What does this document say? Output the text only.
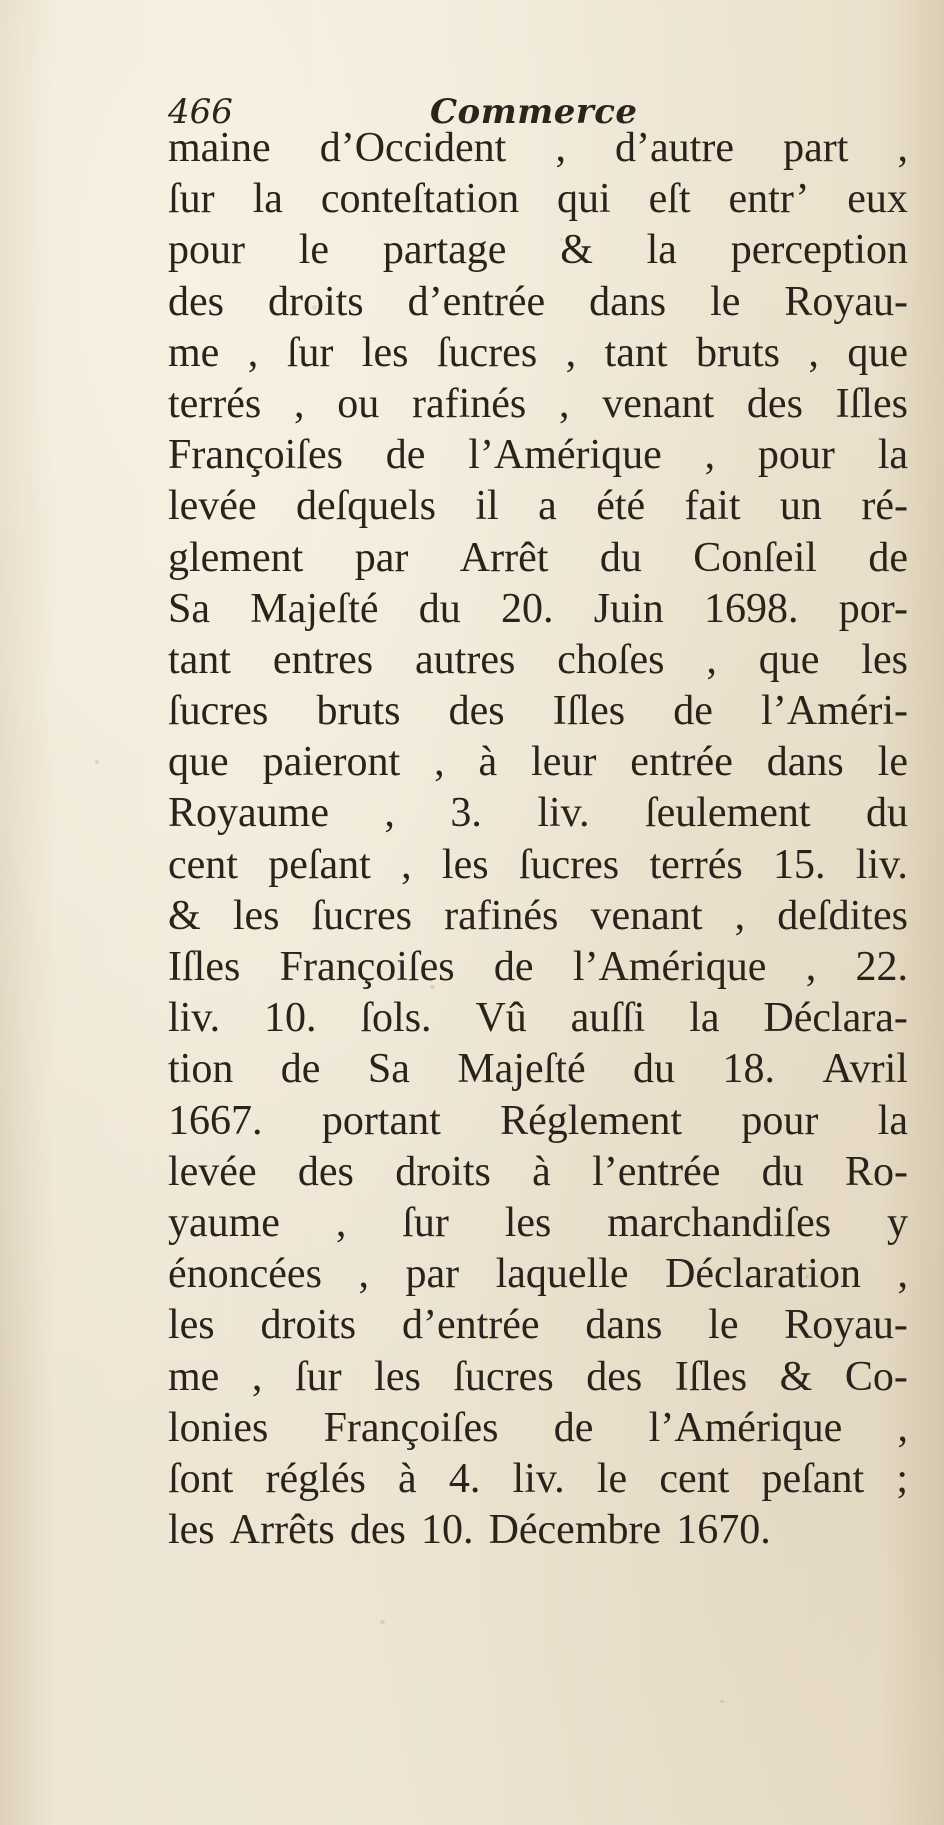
466	Commerce
maine d’Occident , d’autre part ,
ſur la conteſtation qui eſt entr’ eux
pour le partage & la perception
des droits d’entrée dans le Royau-
me , ſur les ſucres , tant bruts , que
terrés , ou rafinés , venant des Iſles
Françoiſes de l’Amérique , pour la
levée deſquels il a été fait un ré-
glement par Arrêt du Conſeil de
Sa Majeſté du 20. Juin 1698. por-
tant entres autres choſes , que les
ſucres bruts des Iſles de l’Améri-
que paieront , à leur entrée dans le
Royaume , 3. liv. ſeulement du
cent peſant , les ſucres terrés 15. liv.
& les ſucres rafinés venant , deſdites
Iſles Françoiſes de l’Amérique , 22.
liv. 10. ſols. Vû auſſi la Déclara-
tion de Sa Majeſté du 18. Avril
1667. portant Réglement pour la
levée des droits à l’entrée du Ro-
yaume , ſur les marchandiſes y
énoncées , par laquelle Déclaration ,
les droits d’entrée dans le Royau-
me , ſur les ſucres des Iſles & Co-
lonies Françoiſes de l’Amérique ,
ſont réglés à 4. liv. le cent peſant ;
les Arrêts des 10. Décembre 1670.
